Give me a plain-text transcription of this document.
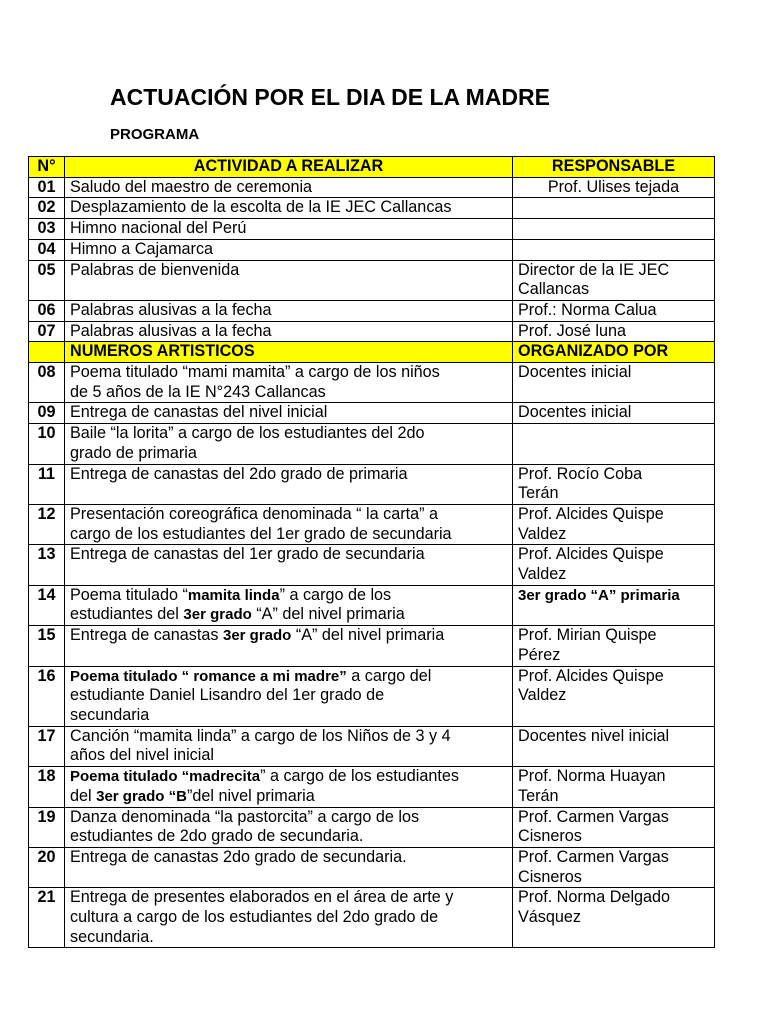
ACTUACIÓN POR EL DIA DE LA MADRE
PROGRAMA
N°	ACTIVIDAD A REALIZAR	RESPONSABLE
01	Saludo del maestro de ceremonia	Prof. Ulises tejada
02	Desplazamiento de la escolta de la IE JEC Callancas	
03	Himno nacional del Perú	
04	Himno a Cajamarca	
05	Palabras de bienvenida	Director de la IE JEC
Callancas
06	Palabras alusivas a la fecha	Prof.: Norma Calua
07	Palabras alusivas a la fecha	Prof. José luna
	NUMEROS ARTISTICOS	ORGANIZADO POR
08	Poema titulado “mami mamita” a cargo de los niños
de 5 años de la IE N°243 Callancas	Docentes inicial
09	Entrega de canastas del nivel inicial	Docentes inicial
10	Baile “la lorita” a cargo de los estudiantes del 2do
grado de primaria	
11	Entrega de canastas del 2do grado de primaria	Prof. Rocío Coba
Terán
12	Presentación coreográfica denominada “ la carta” a
cargo de los estudiantes del 1er grado de secundaria	Prof. Alcides Quispe
Valdez
13	Entrega de canastas del 1er grado de secundaria	Prof. Alcides Quispe
Valdez
14	Poema titulado “mamita linda” a cargo de los
estudiantes del 3er grado “A” del nivel primaria	3er grado “A” primaria
15	Entrega de canastas 3er grado “A” del nivel primaria	Prof. Mirian Quispe
Pérez
16	Poema titulado “ romance a mi madre” a cargo del
estudiante Daniel Lisandro del 1er grado de
secundaria	Prof. Alcides Quispe
Valdez
17	Canción “mamita linda” a cargo de los Niños de 3 y 4
años del nivel inicial	Docentes nivel inicial
18	Poema titulado “madrecita” a cargo de los estudiantes
del 3er grado “B”del nivel primaria	Prof. Norma Huayan
Terán
19	Danza denominada “la pastorcita” a cargo de los
estudiantes de 2do grado de secundaria.	Prof. Carmen Vargas
Cisneros
20	Entrega de canastas 2do grado de secundaria.	Prof. Carmen Vargas
Cisneros
21	Entrega de presentes elaborados en el área de arte y
cultura a cargo de los estudiantes del 2do grado de
secundaria.	Prof. Norma Delgado
Vásquez
